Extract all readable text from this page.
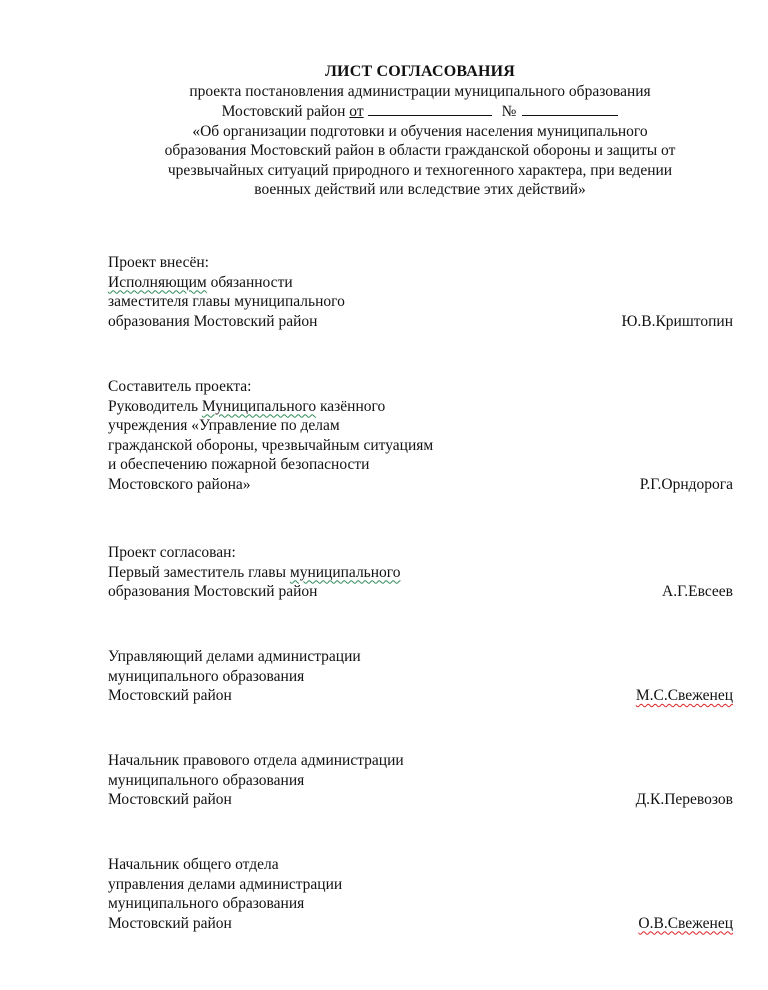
ЛИСТ СОГЛАСОВАНИЯ
проекта постановления администрации муниципального образования
Мостовский район от	№
«Об организации подготовки и обучения населения муниципального
образования Мостовский район в области гражданской обороны и защиты от
чрезвычайных ситуаций природного и техногенного характера, при ведении
военных действий или вследствие этих действий»
Проект внесён:
Исполняющим обязанности
заместителя главы муниципального
образования Мостовский район	Ю.В.Криштопин
Составитель проекта:
Руководитель Муниципального казённого
учреждения «Управление по делам
гражданской обороны, чрезвычайным ситуациям
и обеспечению пожарной безопасности
Мостовского района»	Р.Г.Орндорога
Проект согласован:
Первый заместитель главы муниципального
образования Мостовский район	А.Г.Евсеев
Управляющий делами администрации
муниципального образования
Мостовский район	М.С.Свеженец
Начальник правового отдела администрации
муниципального образования
Мостовский район	Д.К.Перевозов
Начальник общего отдела
управления делами администрации
муниципального образования
Мостовский район	О.В.Свеженец
